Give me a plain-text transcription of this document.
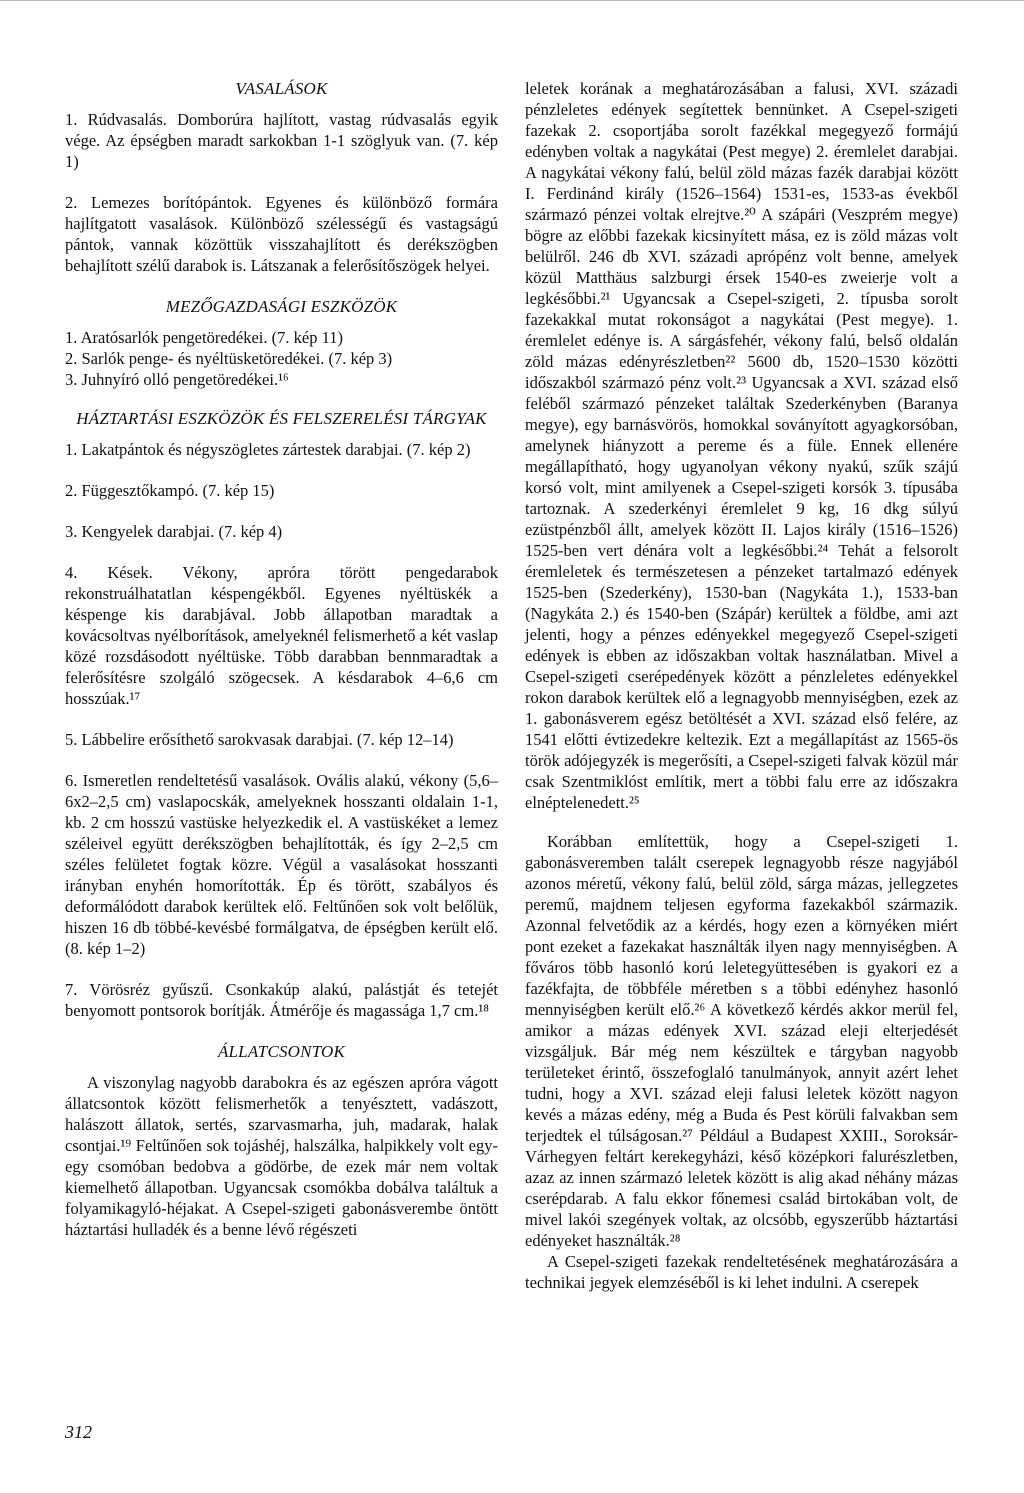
VASALÁSOK

1. Rúdvasalás. Domborúra hajlított, vastag rúdvasalás egyik vége. Az épségben maradt sarkokban 1-1 szöglyuk van. (7. kép 1)

2. Lemezes borítópántok. Egyenes és különböző formára hajlítgatott vasalások. Különböző szélességű és vastagságú pántok, vannak közöttük visszahajlított és derékszögben behajlított szélű darabok is. Látszanak a felerősítőszögek helyei.

MEZŐGAZDASÁGI ESZKÖZÖK

1. Aratósarlók pengetöredékei. (7. kép 11)

2. Sarlók penge- és nyéltüsketöredékei. (7. kép 3)

3. Juhnyíró olló pengetöredékei.¹⁶

HÁZTARTÁSI ESZKÖZÖK ÉS FELSZERELÉSI TÁRGYAK

1. Lakatpántok és négyszögletes zártestek darabjai. (7. kép 2)

2. Függesztőkampó. (7. kép 15)

3. Kengyelek darabjai. (7. kép 4)

4. Kések. Vékony, apróra törött pengedarabok rekonstruálhatatlan késpengékből. Egyenes nyéltüskék a késpenge kis darabjával. Jobb állapotban maradtak a kovácsoltvas nyélborítások, amelyeknél felismerhető a két vaslap közé rozsdásodott nyéltüske. Több darabban bennmaradtak a felerősítésre szolgáló szögecsek. A késdarabok 4–6,6 cm hosszúak.¹⁷

5. Lábbelire erősíthető sarokvasak darabjai. (7. kép 12–14)

6. Ismeretlen rendeltetésű vasalások. Ovális alakú, vékony (5,6–6x2–2,5 cm) vaslapocskák, amelyeknek hosszanti oldalain 1-1, kb. 2 cm hosszú vastüske helyezkedik el. A vastüskéket a lemez széleivel együtt derékszögben behajlították, és így 2–2,5 cm széles felületet fogtak közre. Végül a vasalásokat hosszanti irányban enyhén homorították. Ép és törött, szabályos és deformálódott darabok kerültek elő. Feltűnően sok volt belőlük, hiszen 16 db többé-kevésbé formálgatva, de épségben került elő. (8. kép 1–2)

7. Vörösréz gyűszű. Csonkakúp alakú, palástját és tetejét benyomott pontsorok borítják. Átmérője és magassága 1,7 cm.¹⁸

ÁLLATCSONTOK

A viszonylag nagyobb darabokra és az egészen apróra vágott állatcsontok között felismerhetők a tenyésztett, vadászott, halászott állatok, sertés, szarvasmarha, juh, madarak, halak csontjai.¹⁹ Feltűnően sok tojáshéj, halszálka, halpikkely volt egy-egy csomóban bedobva a gödörbe, de ezek már nem voltak kiemelhető állapotban. Ugyancsak csomókba dobálva találtuk a folyamikagyló-héjakat. A Csepel-szigeti gabonásverembe öntött háztartási hulladék és a benne lévő régészeti

leletek korának a meghatározásában a falusi, XVI. századi pénzleletes edények segítettek bennünket. A Csepel-szigeti fazekak 2. csoportjába sorolt fazékkal megegyező formájú edényben voltak a nagykátai (Pest megye) 2. éremlelet darabjai. A nagykátai vékony falú, belül zöld mázas fazék darabjai között I. Ferdinánd király (1526–1564) 1531-es, 1533-as évekből származó pénzei voltak elrejtve.²⁰ A szápári (Veszprém megye) bögre az előbbi fazekak kicsinyített mása, ez is zöld mázas volt belülről. 246 db XVI. századi aprópénz volt benne, amelyek közül Matthäus salzburgi érsek 1540-es zweierje volt a legkésőbbi.²¹ Ugyancsak a Csepel-szigeti, 2. típusba sorolt fazekakkal mutat rokonságot a nagykátai (Pest megye). 1. éremlelet edénye is. A sárgásfehér, vékony falú, belső oldalán zöld mázas edényrészletben²² 5600 db, 1520–1530 közötti időszakból származó pénz volt.²³ Ugyancsak a XVI. század első feléből származó pénzeket találtak Szederkényben (Baranya megye), egy barnásvörös, homokkal soványított agyagkorsóban, amelynek hiányzott a pereme és a füle. Ennek ellenére megállapítható, hogy ugyanolyan vékony nyakú, szűk szájú korsó volt, mint amilyenek a Csepel-szigeti korsók 3. típusába tartoznak. A szederkényi éremlelet 9 kg, 16 dkg súlyú ezüstpénzből állt, amelyek között II. Lajos király (1516–1526) 1525-ben vert dénára volt a legkésőbbi.²⁴ Tehát a felsorolt éremleletek és természetesen a pénzeket tartalmazó edények 1525-ben (Szederkény), 1530-ban (Nagykáta 1.), 1533-ban (Nagykáta 2.) és 1540-ben (Szápár) kerültek a földbe, ami azt jelenti, hogy a pénzes edényekkel megegyező Csepel-szigeti edények is ebben az időszakban voltak használatban. Mivel a Csepel-szigeti cserépedények között a pénzleletes edényekkel rokon darabok kerültek elő a legnagyobb mennyiségben, ezek az 1. gabonásverem egész betöltését a XVI. század első felére, az 1541 előtti évtizedekre keltezik. Ezt a megállapítást az 1565-ös török adójegyzék is megerősíti, a Csepel-szigeti falvak közül már csak Szentmiklóst említik, mert a többi falu erre az időszakra elnéptelenedett.²⁵

Korábban említettük, hogy a Csepel-szigeti 1. gabonásveremben talált cserepek legnagyobb része nagyjából azonos méretű, vékony falú, belül zöld, sárga mázas, jellegzetes peremű, majdnem teljesen egyforma fazekakból származik. Azonnal felvetődik az a kérdés, hogy ezen a környéken miért pont ezeket a fazekakat használták ilyen nagy mennyiségben. A főváros több hasonló korú leletegyüttesében is gyakori ez a fazékfajta, de többféle méretben s a többi edényhez hasonló mennyiségben került elő.²⁶ A következő kérdés akkor merül fel, amikor a mázas edények XVI. század eleji elterjedését vizsgáljuk. Bár még nem készültek e tárgyban nagyobb területeket érintő, összefoglaló tanulmányok, annyit azért lehet tudni, hogy a XVI. század eleji falusi leletek között nagyon kevés a mázas edény, még a Buda és Pest körüli falvakban sem terjedtek el túlságosan.²⁷ Például a Budapest XXIII., Soroksár-Várhegyen feltárt kerekegyházi, késő középkori falurészletben, azaz az innen származó leletek között is alig akad néhány mázas cserépdarab. A falu ekkor főnemesi család birtokában volt, de mivel lakói szegények voltak, az olcsóbb, egyszerűbb háztartási edényeket használták.²⁸

A Csepel-szigeti fazekak rendeltetésének meghatározására a technikai jegyek elemzéséből is ki lehet indulni. A cserepek

312
